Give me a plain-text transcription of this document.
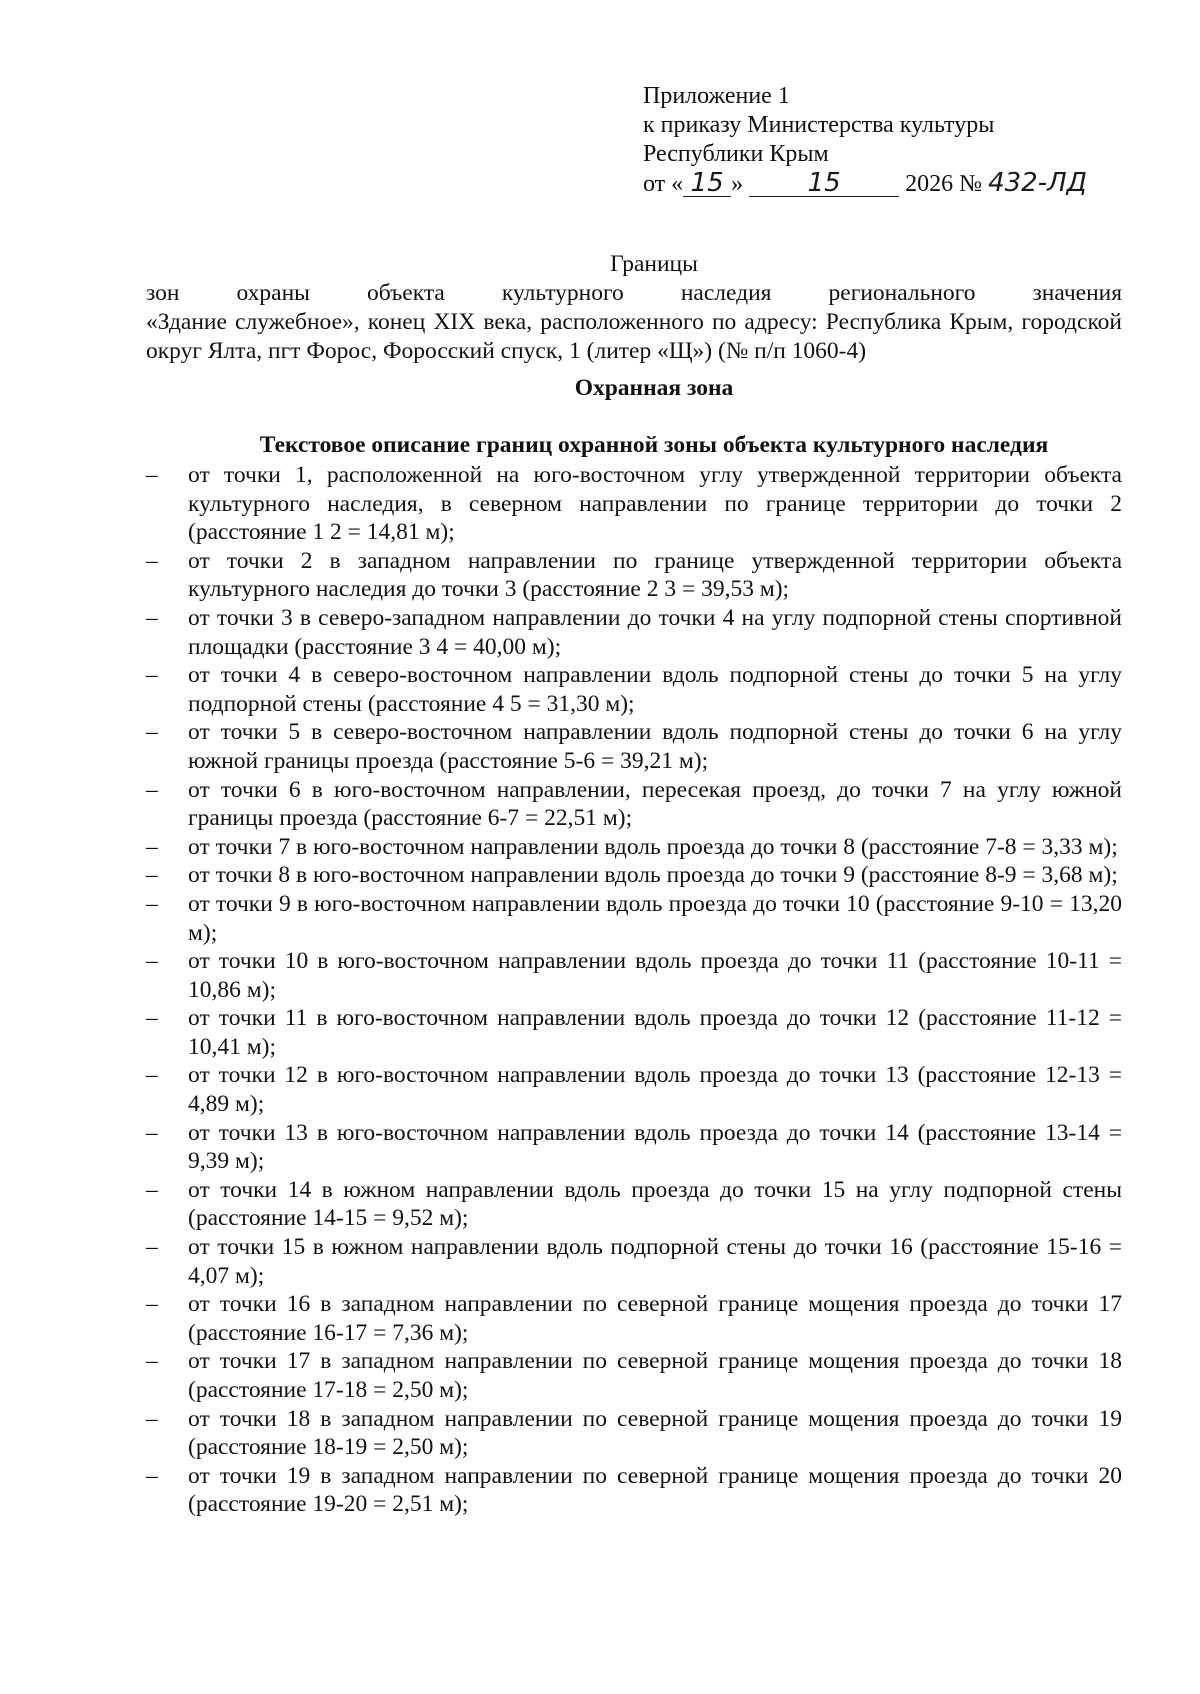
Приложение 1
к приказу Министерства культуры
Республики Крым
от « 15 » 15	2026 № 432-ЛД
Границы
зон охраны объекта культурного наследия регионального значения
«Здание служебное», конец XIX века, расположенного по адресу: Республика Крым, городской округ Ялта, пгт Форос, Форосский спуск, 1 (литер «Щ») (№ п/п 1060-4)
Охранная зона
Текстовое описание границ охранной зоны объекта культурного наследия
– от точки 1, расположенной на юго-восточном углу утвержденной территории объекта культурного наследия, в северном направлении по границе территории до точки 2 (расстояние 1 2 = 14,81 м);
– от точки 2 в западном направлении по границе утвержденной территории объекта культурного наследия до точки 3 (расстояние 2 3 = 39,53 м);
– от точки 3 в северо-западном направлении до точки 4 на углу подпорной стены спортивной площадки (расстояние 3 4 = 40,00 м);
– от точки 4 в северо-восточном направлении вдоль подпорной стены до точки 5 на углу подпорной стены (расстояние 4 5 = 31,30 м);
– от точки 5 в северо-восточном направлении вдоль подпорной стены до точки 6 на углу южной границы проезда (расстояние 5-6 = 39,21 м);
– от точки 6 в юго-восточном направлении, пересекая проезд, до точки 7 на углу южной границы проезда (расстояние 6-7 = 22,51 м);
– от точки 7 в юго-восточном направлении вдоль проезда до точки 8 (расстояние 7-8 = 3,33 м);
– от точки 8 в юго-восточном направлении вдоль проезда до точки 9 (расстояние 8-9 = 3,68 м);
– от точки 9 в юго-восточном направлении вдоль проезда до точки 10 (расстояние 9-10 = 13,20 м);
– от точки 10 в юго-восточном направлении вдоль проезда до точки 11 (расстояние 10-11 = 10,86 м);
– от точки 11 в юго-восточном направлении вдоль проезда до точки 12 (расстояние 11-12 = 10,41 м);
– от точки 12 в юго-восточном направлении вдоль проезда до точки 13 (расстояние 12-13 = 4,89 м);
– от точки 13 в юго-восточном направлении вдоль проезда до точки 14 (расстояние 13-14 = 9,39 м);
– от точки 14 в южном направлении вдоль проезда до точки 15 на углу подпорной стены (расстояние 14-15 = 9,52 м);
– от точки 15 в южном направлении вдоль подпорной стены до точки 16 (расстояние 15-16 = 4,07 м);
– от точки 16 в западном направлении по северной границе мощения проезда до точки 17 (расстояние 16-17 = 7,36 м);
– от точки 17 в западном направлении по северной границе мощения проезда до точки 18 (расстояние 17-18 = 2,50 м);
– от точки 18 в западном направлении по северной границе мощения проезда до точки 19 (расстояние 18-19 = 2,50 м);
– от точки 19 в западном направлении по северной границе мощения проезда до точки 20 (расстояние 19-20 = 2,51 м);
